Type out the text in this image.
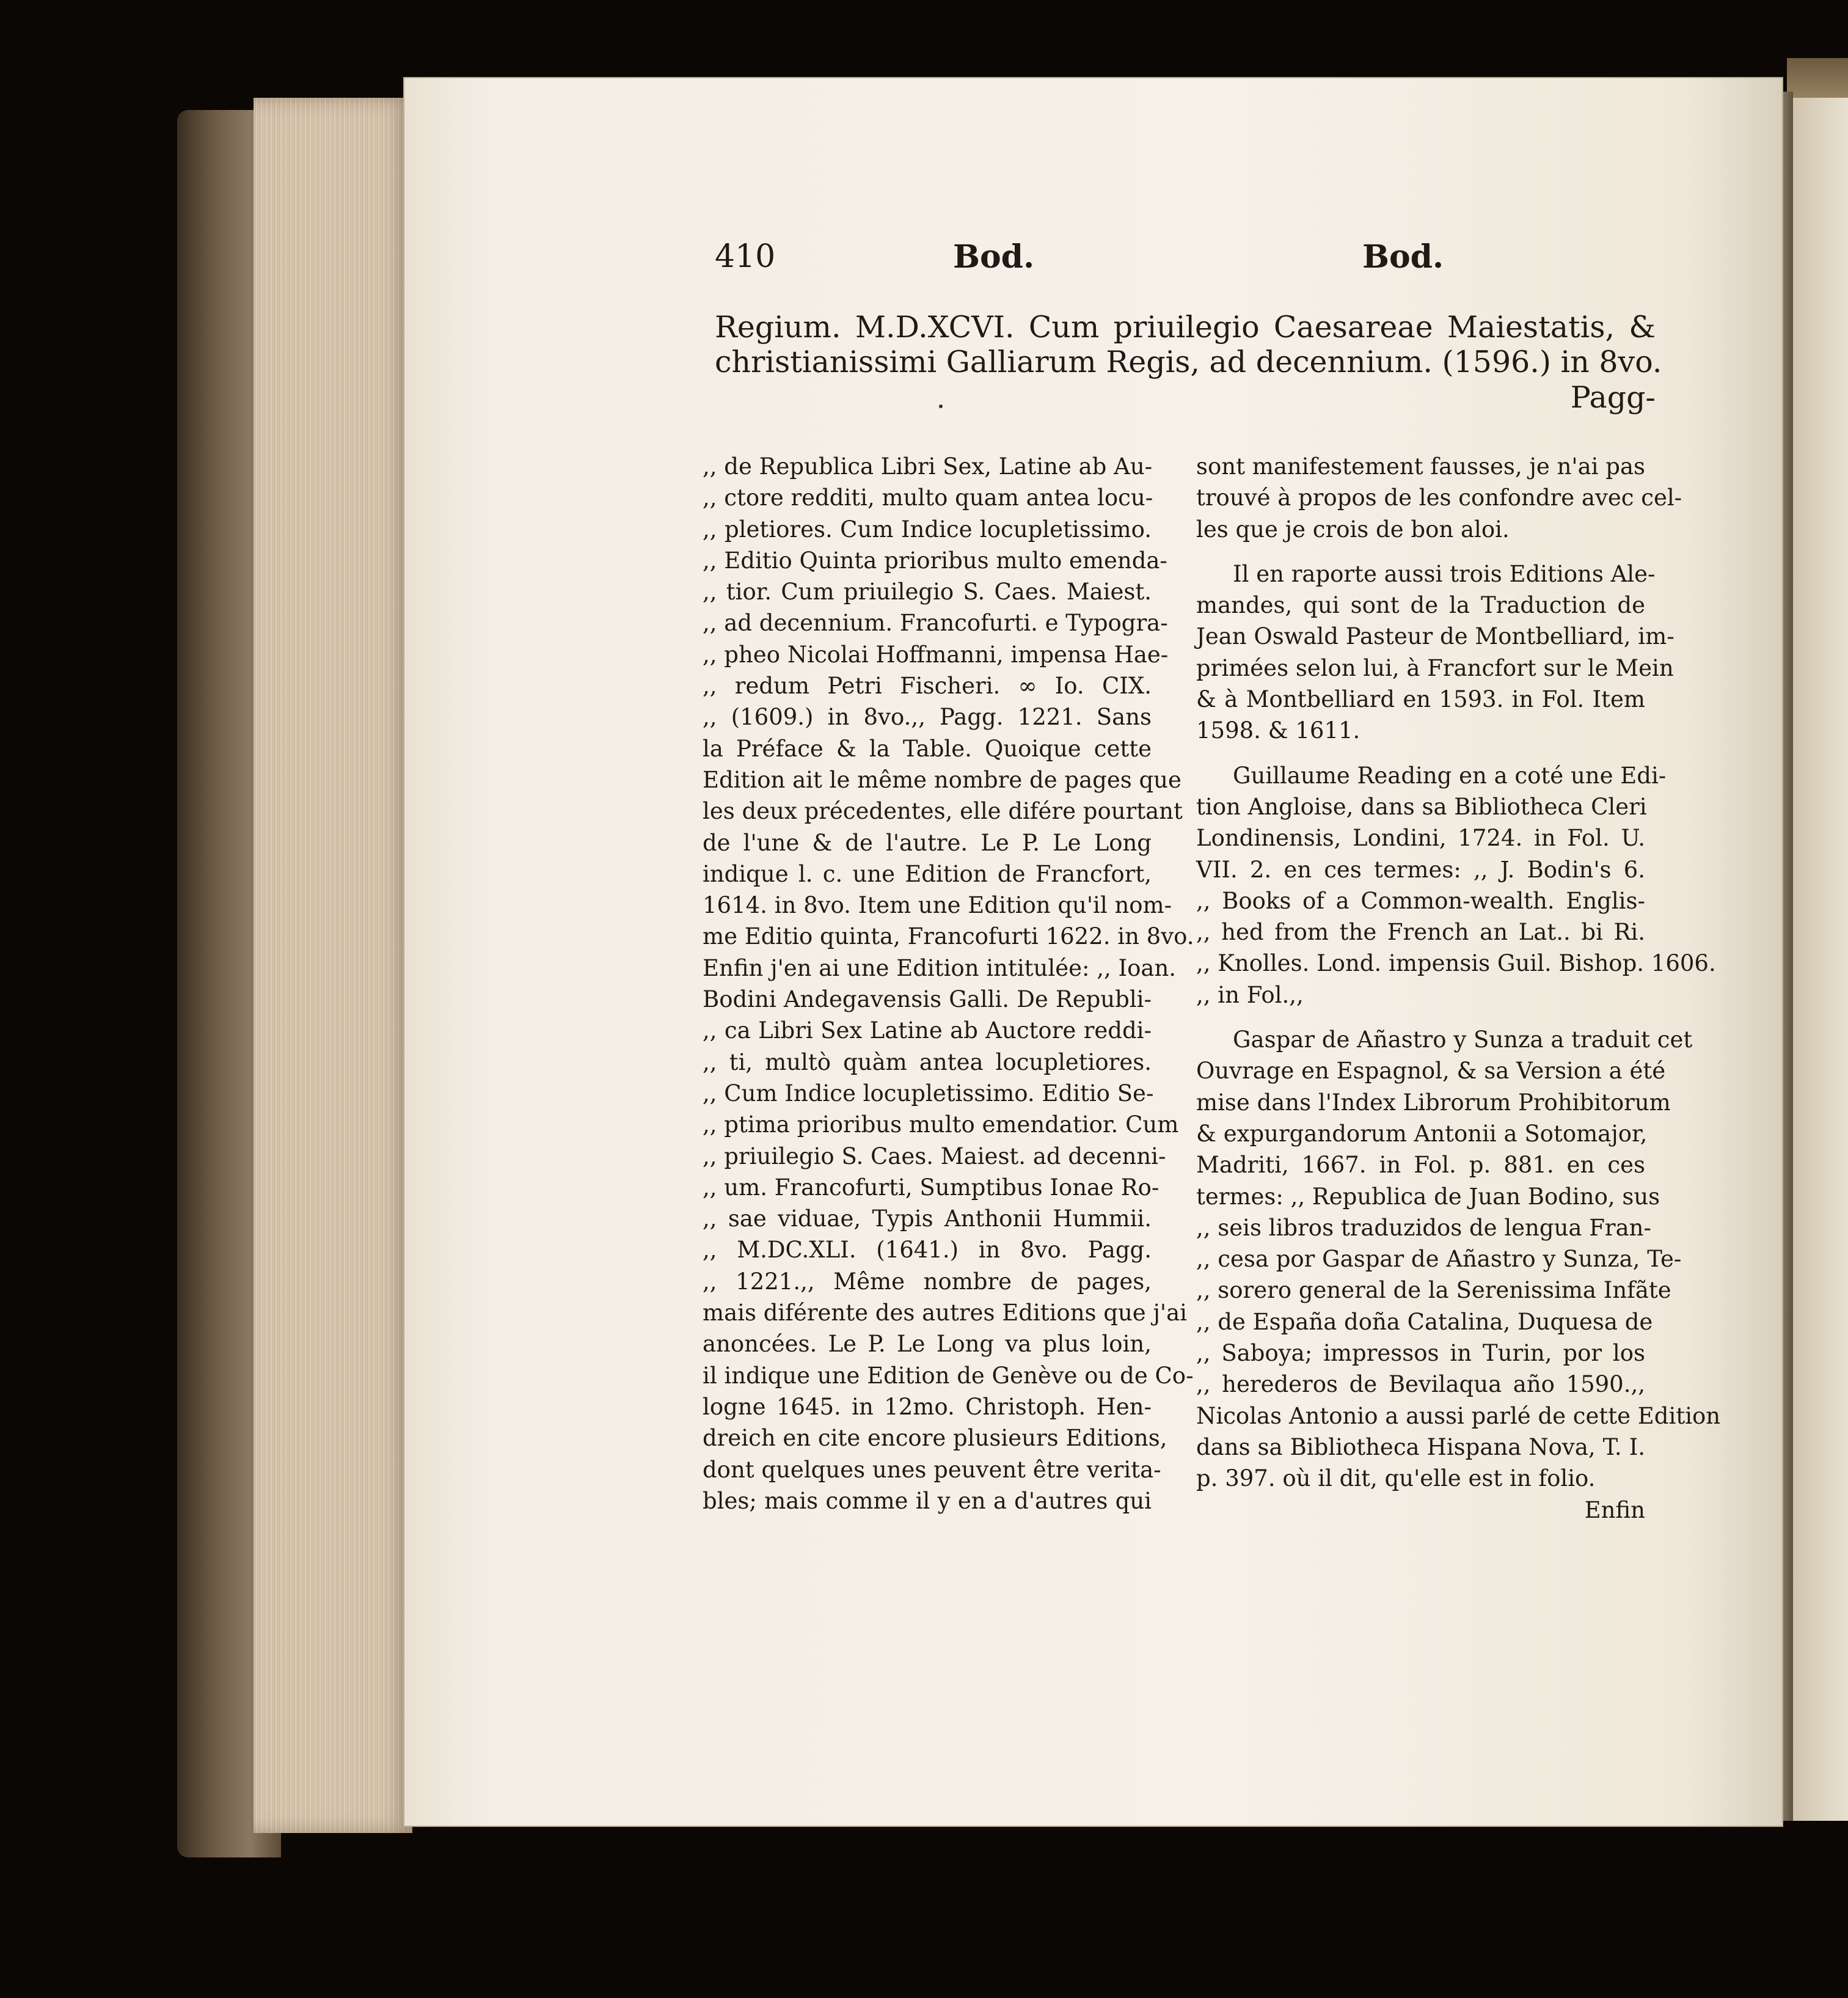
410	Bod.	Bod.
Regium. M.D.XCVI. Cum priuilegio Caesareae Maiestatis, &
christianissimi Galliarum Regis, ad decennium. (1596.) in 8vo.
Pagg-
,, de Republica Libri Sex, Latine ab Au-
,, ctore redditi, multo quam antea locu-
,, pletiores. Cum Indice locupletissimo.
,, Editio Quinta prioribus multo emenda-
,, tior. Cum priuilegio S. Caes. Maiest.
,, ad decennium. Francofurti. e Typogra-
,, pheo Nicolai Hoffmanni, impensa Hae-
,, redum Petri Fischeri. ∞ Io. CIX.
,, (1609.) in 8vo.,, Pagg. 1221. Sans
la Préface & la Table. Quoique cette
Edition ait le même nombre de pages que
les deux précedentes, elle difére pourtant
de l'une & de l'autre. Le P. Le Long
indique l. c. une Edition de Francfort,
1614. in 8vo. Item une Edition qu'il nom-
me Editio quinta, Francofurti 1622. in 8vo.
Enfin j'en ai une Edition intitulée: ,, Ioan.
Bodini Andegavensis Galli. De Republi-
,, ca Libri Sex Latine ab Auctore reddi-
,, ti, multò quàm antea locupletiores.
,, Cum Indice locupletissimo. Editio Se-
,, ptima prioribus multo emendatior. Cum
,, priuilegio S. Caes. Maiest. ad decenni-
,, um. Francofurti, Sumptibus Ionae Ro-
,, sae viduae, Typis Anthonii Hummii.
,, M.DC.XLI. (1641.) in 8vo. Pagg.
,, 1221.,, Même nombre de pages,
mais diférente des autres Editions que j'ai
anoncées. Le P. Le Long va plus loin,
il indique une Edition de Genève ou de Co-
logne 1645. in 12mo. Christoph. Hen-
dreich en cite encore plusieurs Editions,
dont quelques unes peuvent être verita-
bles; mais comme il y en a d'autres qui
sont manifestement fausses, je n'ai pas
trouvé à propos de les confondre avec cel-
les que je crois de bon aloi.
Il en raporte aussi trois Editions Ale-
mandes, qui sont de la Traduction de
Jean Oswald Pasteur de Montbelliard, im-
primées selon lui, à Francfort sur le Mein
& à Montbelliard en 1593. in Fol. Item
1598. & 1611.
Guillaume Reading en a coté une Edi-
tion Angloise, dans sa Bibliotheca Cleri
Londinensis, Londini, 1724. in Fol. U.
VII. 2. en ces termes: ,, J. Bodin's 6.
,, Books of a Common-wealth. Englis-
,, hed from the French an Lat.. bi Ri.
,, Knolles. Lond. impensis Guil. Bishop. 1606.
,, in Fol.,,
Gaspar de Añastro y Sunza a traduit cet
Ouvrage en Espagnol, & sa Version a été
mise dans l'Index Librorum Prohibitorum
& expurgandorum Antonii a Sotomajor,
Madriti, 1667. in Fol. p. 881. en ces
termes: ,, Republica de Juan Bodino, sus
,, seis libros traduzidos de lengua Fran-
,, cesa por Gaspar de Añastro y Sunza, Te-
,, sorero general de la Serenissima Infãte
,, de España doña Catalina, Duquesa de
,, Saboya; impressos in Turin, por los
,, herederos de Bevilaqua año 1590.,,
Nicolas Antonio a aussi parlé de cette Edition
dans sa Bibliotheca Hispana Nova, T. I.
p. 397. où il dit, qu'elle est in folio.
Enfin
